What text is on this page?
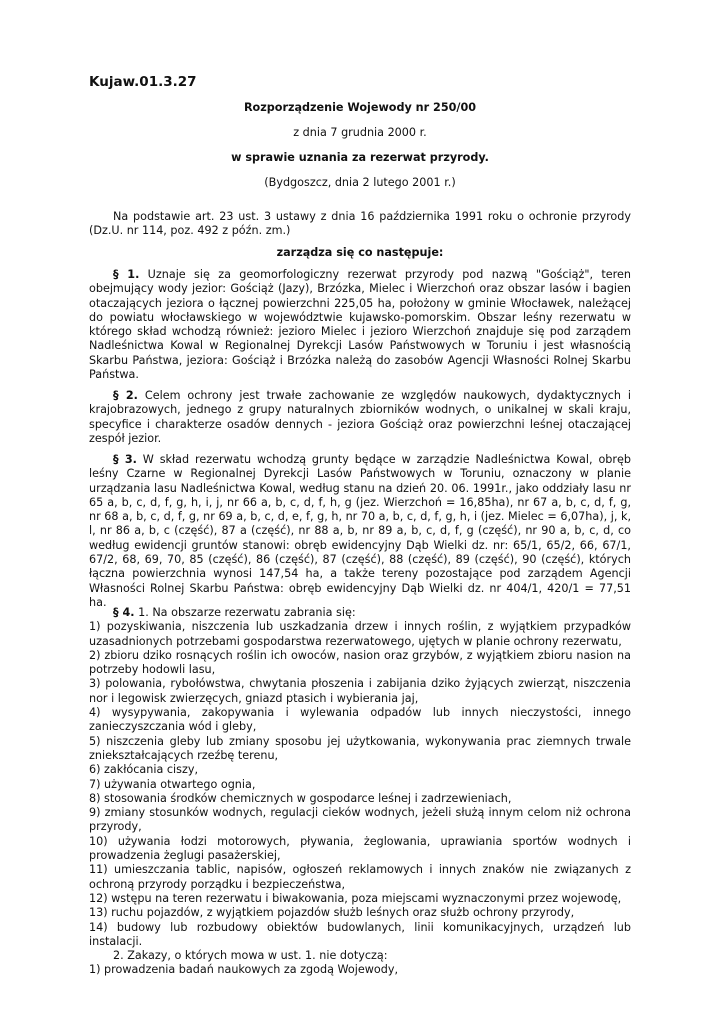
Kujaw.01.3.27
Rozporządzenie Wojewody nr 250/00
z dnia 7 grudnia 2000 r.
w sprawie uznania za rezerwat przyrody.
(Bydgoszcz, dnia 2 lutego 2001 r.)
Na podstawie art. 23 ust. 3 ustawy z dnia 16 października 1991 roku o ochronie przyrody (Dz.U. nr 114, poz. 492 z późn. zm.)
zarządza się co następuje:
§ 1. Uznaje się za geomorfologiczny rezerwat przyrody pod nazwą "Gościąż", teren obejmujący wody jezior: Gościąż (Jazy), Brzózka, Mielec i Wierzchoń oraz obszar lasów i bagien otaczających jeziora o łącznej powierzchni 225,05 ha, położony w gminie Włocławek, należącej do powiatu włocławskiego w województwie kujawsko-pomorskim. Obszar leśny rezerwatu w którego skład wchodzą również: jezioro Mielec i jezioro Wierzchoń znajduje się pod zarządem Nadleśnictwa Kowal w Regionalnej Dyrekcji Lasów Państwowych w Toruniu i jest własnością Skarbu Państwa, jeziora: Gościąż i Brzózka należą do zasobów Agencji Własności Rolnej Skarbu Państwa.
§ 2. Celem ochrony jest trwałe zachowanie ze względów naukowych, dydaktycznych i krajobrazowych, jednego z grupy naturalnych zbiorników wodnych, o unikalnej w skali kraju, specyfice i charakterze osadów dennych - jeziora Gościąż oraz powierzchni leśnej otaczającej zespół jezior.
§ 3. W skład rezerwatu wchodzą grunty będące w zarządzie Nadleśnictwa Kowal, obręb leśny Czarne w Regionalnej Dyrekcji Lasów Państwowych w Toruniu, oznaczony w planie urządzania lasu Nadleśnictwa Kowal, według stanu na dzień 20. 06. 1991r., jako oddziały lasu nr 65 a, b, c, d, f, g, h, i, j, nr 66 a, b, c, d, f, h, g (jez. Wierzchoń = 16,85ha), nr 67 a, b, c, d, f, g, nr 68 a, b, c, d, f, g, nr 69 a, b, c, d, e, f, g, h, nr 70 a, b, c, d, f, g, h, i (jez. Mielec = 6,07ha), j, k, l, nr 86 a, b, c (część), 87 a (część), nr 88 a, b, nr 89 a, b, c, d, f, g (część), nr 90 a, b, c, d, co według ewidencji gruntów stanowi: obręb ewidencyjny Dąb Wielki dz. nr: 65/1, 65/2, 66, 67/1, 67/2, 68, 69, 70, 85 (część), 86 (część), 87 (część), 88 (część), 89 (część), 90 (część), których łączna powierzchnia wynosi 147,54 ha, a także tereny pozostające pod zarządem Agencji Własności Rolnej Skarbu Państwa: obręb ewidencyjny Dąb Wielki dz. nr 404/1, 420/1 = 77,51 ha.
§ 4. 1. Na obszarze rezerwatu zabrania się:
1) pozyskiwania, niszczenia lub uszkadzania drzew i innych roślin, z wyjątkiem przypadków uzasadnionych potrzebami gospodarstwa rezerwatowego, ujętych w planie ochrony rezerwatu,
2) zbioru dziko rosnących roślin ich owoców, nasion oraz grzybów, z wyjątkiem zbioru nasion na potrzeby hodowli lasu,
3) polowania, rybołówstwa, chwytania płoszenia i zabijania dziko żyjących zwierząt, niszczenia nor i legowisk zwierzęcych, gniazd ptasich i wybierania jaj,
4) wysypywania, zakopywania i wylewania odpadów lub innych nieczystości, innego zanieczyszczania wód i gleby,
5) niszczenia gleby lub zmiany sposobu jej użytkowania, wykonywania prac ziemnych trwale zniekształcających rzeźbę terenu,
6) zakłócania ciszy,
7) używania otwartego ognia,
8) stosowania środków chemicznych w gospodarce leśnej i zadrzewieniach,
9) zmiany stosunków wodnych, regulacji cieków wodnych, jeżeli służą innym celom niż ochrona przyrody,
10) używania łodzi motorowych, pływania, żeglowania, uprawiania sportów wodnych i prowadzenia żeglugi pasażerskiej,
11) umieszczania tablic, napisów, ogłoszeń reklamowych i innych znaków nie związanych z ochroną przyrody porządku i bezpieczeństwa,
12) wstępu na teren rezerwatu i biwakowania, poza miejscami wyznaczonymi przez wojewodę,
13) ruchu pojazdów, z wyjątkiem pojazdów służb leśnych oraz służb ochrony przyrody,
14) budowy lub rozbudowy obiektów budowlanych, linii komunikacyjnych, urządzeń lub instalacji.
2. Zakazy, o których mowa w ust. 1. nie dotyczą:
1) prowadzenia badań naukowych za zgodą Wojewody,
